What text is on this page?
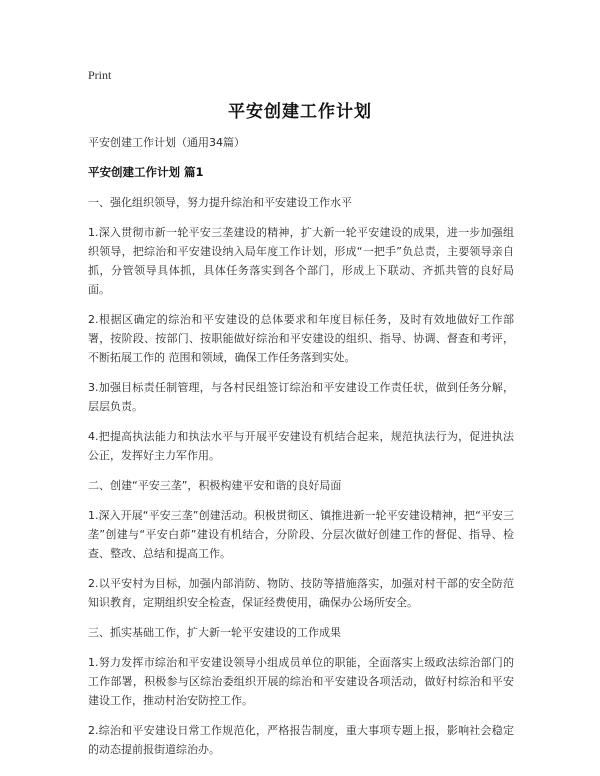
Print
平安创建工作计划

平安创建工作计划（通用34篇）

平安创建工作计划 篇1

一、强化组织领导，努力提升综治和平安建设工作水平

1.深入贯彻市新一轮平安三垄建设的精神，扩大新一轮平安建设的成果，进一步加强组织领导，把综治和平安建设纳入局年度工作计划，形成“一把手”负总责，主要领导亲自抓，分管领导具体抓，具体任务落实到各个部门，形成上下联动、齐抓共管的良好局面。

2.根据区确定的综治和平安建设的总体要求和年度目标任务，及时有效地做好工作部署，按阶段、按部门、按职能做好综治和平安建设的组织、指导、协调、督查和考评，不断拓展工作的 范围和领域，确保工作任务落到实处。

3.加强目标责任制管理，与各村民组签订综治和平安建设工作责任状，做到任务分解，层层负责。

4.把提高执法能力和执法水平与开展平安建设有机结合起来，规范执法行为，促进执法公正，发挥好主力军作用。

二、创建“平安三垄”，积极构建平安和谐的良好局面

1.深入开展“平安三垄”创建活动。积极贯彻区、镇推进新一轮平安建设精神，把“平安三垄”创建与“平安白茆”建设有机结合，分阶段、分层次做好创建工作的督促、指导、检查、整改、总结和提高工作。

2.以平安村为目标，加强内部消防、物防、技防等措施落实，加强对村干部的安全防范知识教育，定期组织安全检查，保证经费使用，确保办公场所安全。

三、抓实基础工作，扩大新一轮平安建设的工作成果

1.努力发挥市综治和平安建设领导小组成员单位的职能，全面落实上级政法综治部门的工作部署，积极参与区综治委组织开展的综治和平安建设各项活动，做好村综治和平安建设工作，推动村治安防控工作。

2.综治和平安建设日常工作规范化，严格报告制度，重大事项专题上报，影响社会稳定的动态提前报街道综治办。
